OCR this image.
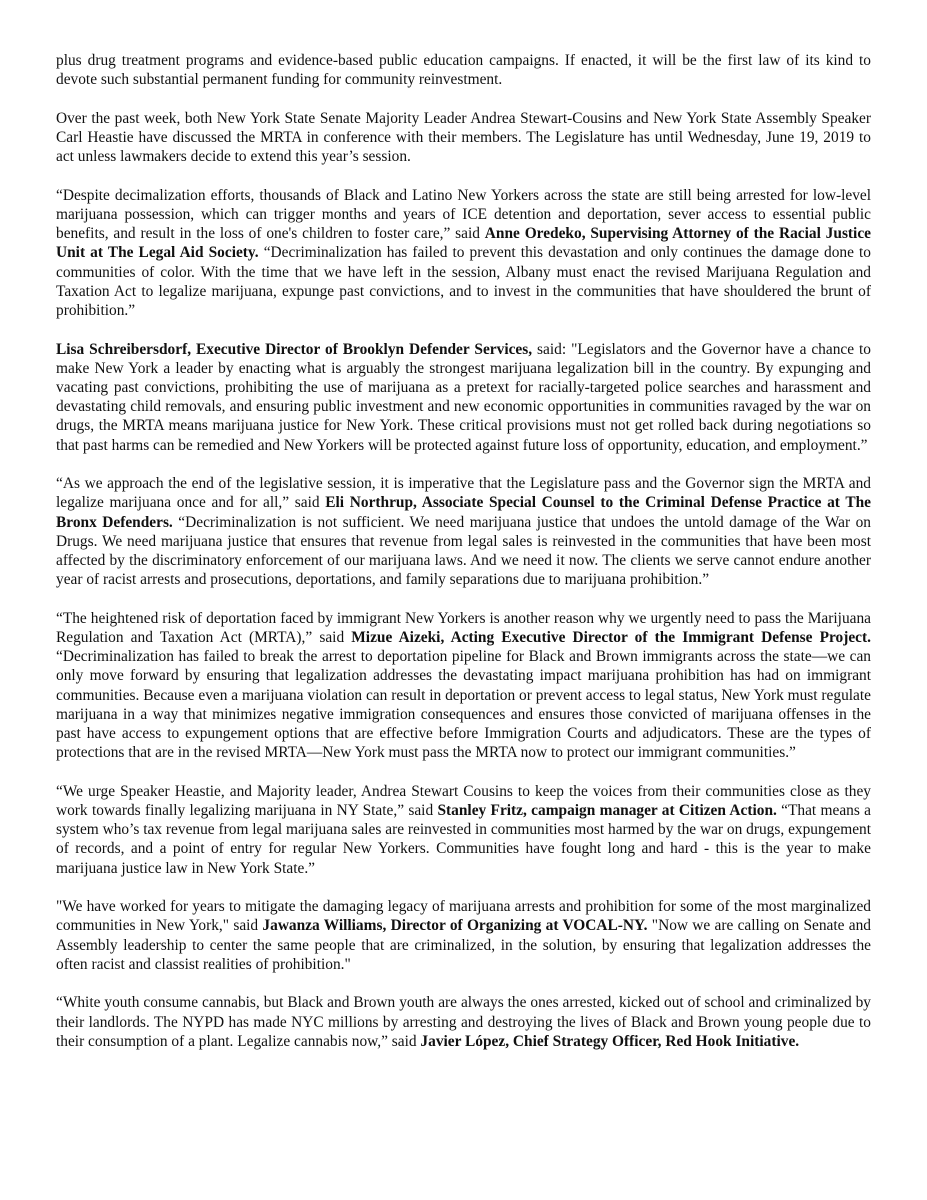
plus drug treatment programs and evidence-based public education campaigns. If enacted, it will be the first law of its kind to devote such substantial permanent funding for community reinvestment.

Over the past week, both New York State Senate Majority Leader Andrea Stewart-Cousins and New York State Assembly Speaker Carl Heastie have discussed the MRTA in conference with their members. The Legislature has until Wednesday, June 19, 2019 to act unless lawmakers decide to extend this year’s session.

“Despite decimalization efforts, thousands of Black and Latino New Yorkers across the state are still being arrested for low-level marijuana possession, which can trigger months and years of ICE detention and deportation, sever access to essential public benefits, and result in the loss of one's children to foster care,” said Anne Oredeko, Supervising Attorney of the Racial Justice Unit at The Legal Aid Society. “Decriminalization has failed to prevent this devastation and only continues the damage done to communities of color. With the time that we have left in the session, Albany must enact the revised Marijuana Regulation and Taxation Act to legalize marijuana, expunge past convictions, and to invest in the communities that have shouldered the brunt of prohibition.”

Lisa Schreibersdorf, Executive Director of Brooklyn Defender Services, said: "Legislators and the Governor have a chance to make New York a leader by enacting what is arguably the strongest marijuana legalization bill in the country. By expunging and vacating past convictions, prohibiting the use of marijuana as a pretext for racially-targeted police searches and harassment and devastating child removals, and ensuring public investment and new economic opportunities in communities ravaged by the war on drugs, the MRTA means marijuana justice for New York. These critical provisions must not get rolled back during negotiations so that past harms can be remedied and New Yorkers will be protected against future loss of opportunity, education, and employment.”

“As we approach the end of the legislative session, it is imperative that the Legislature pass and the Governor sign the MRTA and legalize marijuana once and for all,” said Eli Northrup, Associate Special Counsel to the Criminal Defense Practice at The Bronx Defenders. “Decriminalization is not sufficient. We need marijuana justice that undoes the untold damage of the War on Drugs. We need marijuana justice that ensures that revenue from legal sales is reinvested in the communities that have been most affected by the discriminatory enforcement of our marijuana laws. And we need it now. The clients we serve cannot endure another year of racist arrests and prosecutions, deportations, and family separations due to marijuana prohibition.”

“The heightened risk of deportation faced by immigrant New Yorkers is another reason why we urgently need to pass the Marijuana Regulation and Taxation Act (MRTA),” said Mizue Aizeki, Acting Executive Director of the Immigrant Defense Project. “Decriminalization has failed to break the arrest to deportation pipeline for Black and Brown immigrants across the state—we can only move forward by ensuring that legalization addresses the devastating impact marijuana prohibition has had on immigrant communities. Because even a marijuana violation can result in deportation or prevent access to legal status, New York must regulate marijuana in a way that minimizes negative immigration consequences and ensures those convicted of marijuana offenses in the past have access to expungement options that are effective before Immigration Courts and adjudicators. These are the types of protections that are in the revised MRTA—New York must pass the MRTA now to protect our immigrant communities.”

“We urge Speaker Heastie, and Majority leader, Andrea Stewart Cousins to keep the voices from their communities close as they work towards finally legalizing marijuana in NY State,” said Stanley Fritz, campaign manager at Citizen Action. “That means a system who’s tax revenue from legal marijuana sales are reinvested in communities most harmed by the war on drugs, expungement of records, and a point of entry for regular New Yorkers. Communities have fought long and hard - this is the year to make marijuana justice law in New York State.”

"We have worked for years to mitigate the damaging legacy of marijuana arrests and prohibition for some of the most marginalized communities in New York," said Jawanza Williams, Director of Organizing at VOCAL-NY. "Now we are calling on Senate and Assembly leadership to center the same people that are criminalized, in the solution, by ensuring that legalization addresses the often racist and classist realities of prohibition."

“White youth consume cannabis, but Black and Brown youth are always the ones arrested, kicked out of school and criminalized by their landlords. The NYPD has made NYC millions by arresting and destroying the lives of Black and Brown young people due to their consumption of a plant. Legalize cannabis now,” said Javier López, Chief Strategy Officer, Red Hook Initiative.
